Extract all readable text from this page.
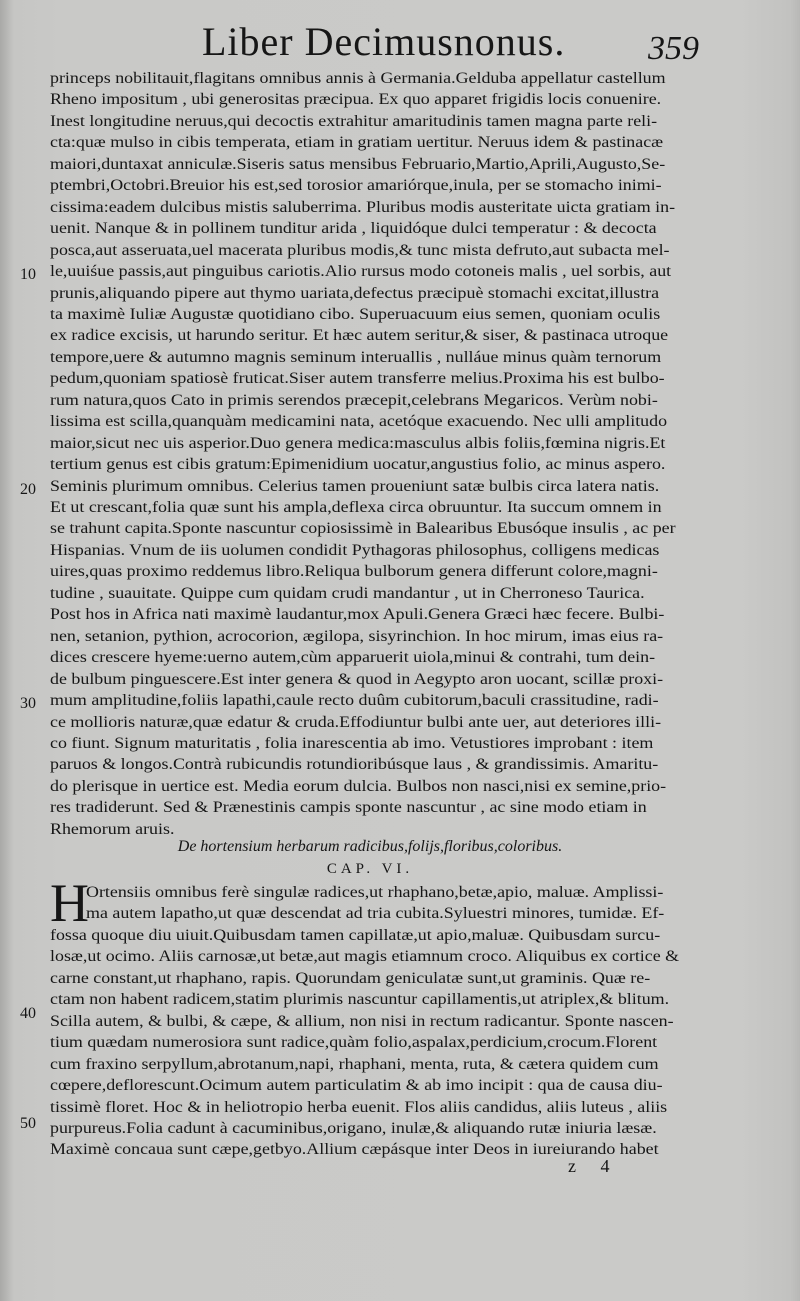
Liber Decimusnonus. 359
princeps nobilitauit,flagitans omnibus annis à Germania.Gelduba appellatur castellum
Rheno impositum , ubi generositas præcipua. Ex quo apparet frigidis locis conuenire.
Inest longitudine neruus,qui decoctis extrahitur amaritudinis tamen magna parte reli-
cta:quæ mulso in cibis temperata, etiam in gratiam uertitur. Neruus idem & pastinacæ
maiori,duntaxat anniculæ.Siseris satus mensibus Februario,Martio,Aprili,Augusto,Se-
ptembri,Octobri.Breuior his est,sed torosior amariórque,inula, per se stomacho inimi-
cissima:eadem dulcibus mistis saluberrima. Pluribus modis austeritate uicta gratiam in-
uenit. Nanque & in pollinem tunditur arida , liquidóque dulci temperatur : & decocta
posca,aut asseruata,uel macerata pluribus modis,& tunc mista defruto,aut subacta mel-
le,uuiśue passis,aut pinguibus cariotis.Alio rursus modo cotoneis malis , uel sorbis, aut
prunis,aliquando pipere aut thymo uariata,defectus præcipuè stomachi excitat,illustra
ta maximè Iuliæ Augustæ quotidiano cibo. Superuacuum eius semen, quoniam oculis
ex radice excisis, ut harundo seritur. Et hæc autem seritur,& siser, & pastinaca utroque
tempore,uere & autumno magnis seminum interuallis , nulláue minus quàm ternorum
pedum,quoniam spatiosè fruticat.Siser autem transferre melius.Proxima his est bulbo-
rum natura,quos Cato in primis serendos præcepit,celebrans Megaricos. Verùm nobi-
lissima est scilla,quanquàm medicamini nata, acetóque exacuendo. Nec ulli amplitudo
maior,sicut nec uis asperior.Duo genera medica:masculus albis foliis,fœmina nigris.Et
tertium genus est cibis gratum:Epimenidium uocatur,angustius folio, ac minus aspero.
Seminis plurimum omnibus. Celerius tamen proueniunt satæ bulbis circa latera natis.
Et ut crescant,folia quæ sunt his ampla,deflexa circa obruuntur. Ita succum omnem in
se trahunt capita.Sponte nascuntur copiosissimè in Balearibus Ebusóque insulis , ac per
Hispanias. Vnum de iis uolumen condidit Pythagoras philosophus, colligens medicas
uires,quas proximo reddemus libro.Reliqua bulborum genera differunt colore,magni-
tudine , suauitate. Quippe cum quidam crudi mandantur , ut in Cherroneso Taurica.
Post hos in Africa nati maximè laudantur,mox Apuli.Genera Græci hæc fecere. Bulbi-
nen, setanion, pythion, acrocorion, ægilopa, sisyrinchion. In hoc mirum, imas eius ra-
dices crescere hyeme:uerno autem,cùm apparuerit uiola,minui & contrahi, tum dein-
de bulbum pinguescere.Est inter genera & quod in Aegypto aron uocant, scillæ proxi-
mum amplitudine,foliis lapathi,caule recto duûm cubitorum,baculi crassitudine, radi-
ce mollioris naturæ,quæ edatur & cruda.Effodiuntur bulbi ante uer, aut deteriores illi-
co fiunt. Signum maturitatis , folia inarescentia ab imo. Vetustiores improbant : item
paruos & longos.Contrà rubicundis rotundioribúsque laus , & grandissimis. Amaritu-
do plerisque in uertice est. Media eorum dulcia. Bulbos non nasci,nisi ex semine,prio-
res tradiderunt. Sed & Prænestinis campis sponte nascuntur , ac sine modo etiam in
Rhemorum aruis.
De hortensium herbarum radicibus,folijs,floribus,coloribus.
CAP. VI.
H
Ortensiis omnibus ferè singulæ radices,ut rhaphano,betæ,apio, maluæ. Amplissi-
ma autem lapatho,ut quæ descendat ad tria cubita.Syluestri minores, tumidæ. Ef-
fossa quoque diu uiuit.Quibusdam tamen capillatæ,ut apio,maluæ. Quibusdam surcu-
losæ,ut ocimo. Aliis carnosæ,ut betæ,aut magis etiamnum croco. Aliquibus ex cortice &
carne constant,ut rhaphano, rapis. Quorundam geniculatæ sunt,ut graminis. Quæ re-
ctam non habent radicem,statim plurimis nascuntur capillamentis,ut atriplex,& blitum.
Scilla autem, & bulbi, & cæpe, & allium, non nisi in rectum radicantur. Sponte nascen-
tium quædam numerosiora sunt radice,quàm folio,aspalax,perdicium,crocum.Florent
cum fraxino serpyllum,abrotanum,napi, rhaphani, menta, ruta, & cætera quidem cum
cœpere,deflorescunt.Ocimum autem particulatim & ab imo incipit : qua de causa diu-
tissimè floret. Hoc & in heliotropio herba euenit. Flos aliis candidus, aliis luteus , aliis
purpureus.Folia cadunt à cacuminibus,origano, inulæ,& aliquando rutæ iniuria læsæ.
Maximè concaua sunt cæpe,getbyo.Allium cæpásque inter Deos in iureiurando habet
z 4
10
20
30
40
50
